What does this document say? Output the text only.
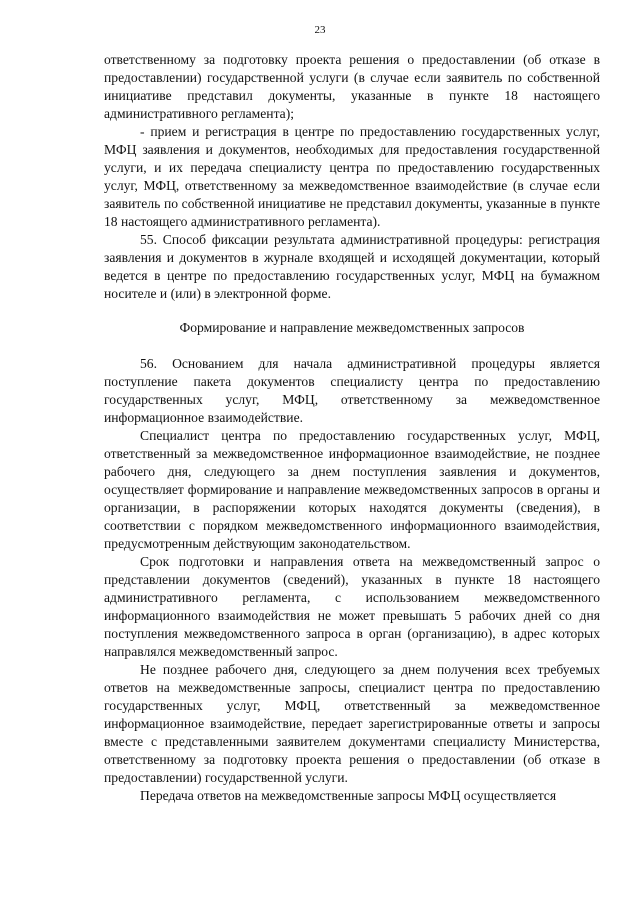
23

ответственному за подготовку проекта решения о предоставлении (об отказе в предоставлении) государственной услуги (в случае если заявитель по собственной инициативе представил документы, указанные в пункте 18 настоящего административного регламента);

- прием и регистрация в центре по предоставлению государственных услуг, МФЦ заявления и документов, необходимых для предоставления государственной услуги, и их передача специалисту центра по предоставлению государственных услуг, МФЦ, ответственному за межведомственное взаимодействие (в случае если заявитель по собственной инициативе не представил документы, указанные в пункте 18 настоящего административного регламента).

55. Способ фиксации результата административной процедуры: регистрация заявления и документов в журнале входящей и исходящей документации, который ведется в центре по предоставлению государственных услуг, МФЦ на бумажном носителе и (или) в электронной форме.

Формирование и направление межведомственных запросов

56. Основанием для начала административной процедуры является поступление пакета документов специалисту центра по предоставлению государственных услуг, МФЦ, ответственному за межведомственное информационное взаимодействие.

Специалист центра по предоставлению государственных услуг, МФЦ, ответственный за межведомственное информационное взаимодействие, не позднее рабочего дня, следующего за днем поступления заявления и документов, осуществляет формирование и направление межведомственных запросов в органы и организации, в распоряжении которых находятся документы (сведения), в соответствии с порядком межведомственного информационного взаимодействия, предусмотренным действующим законодательством.

Срок подготовки и направления ответа на межведомственный запрос о представлении документов (сведений), указанных в пункте 18 настоящего административного регламента, с использованием межведомственного информационного взаимодействия не может превышать 5 рабочих дней со дня поступления межведомственного запроса в орган (организацию), в адрес которых направлялся межведомственный запрос.

Не позднее рабочего дня, следующего за днем получения всех требуемых ответов на межведомственные запросы, специалист центра по предоставлению государственных услуг, МФЦ, ответственный за межведомственное информационное взаимодействие, передает зарегистрированные ответы и запросы вместе с представленными заявителем документами специалисту Министерства, ответственному за подготовку проекта решения о предоставлении (об отказе в предоставлении) государственной услуги.

Передача ответов на межведомственные запросы МФЦ осуществляется
